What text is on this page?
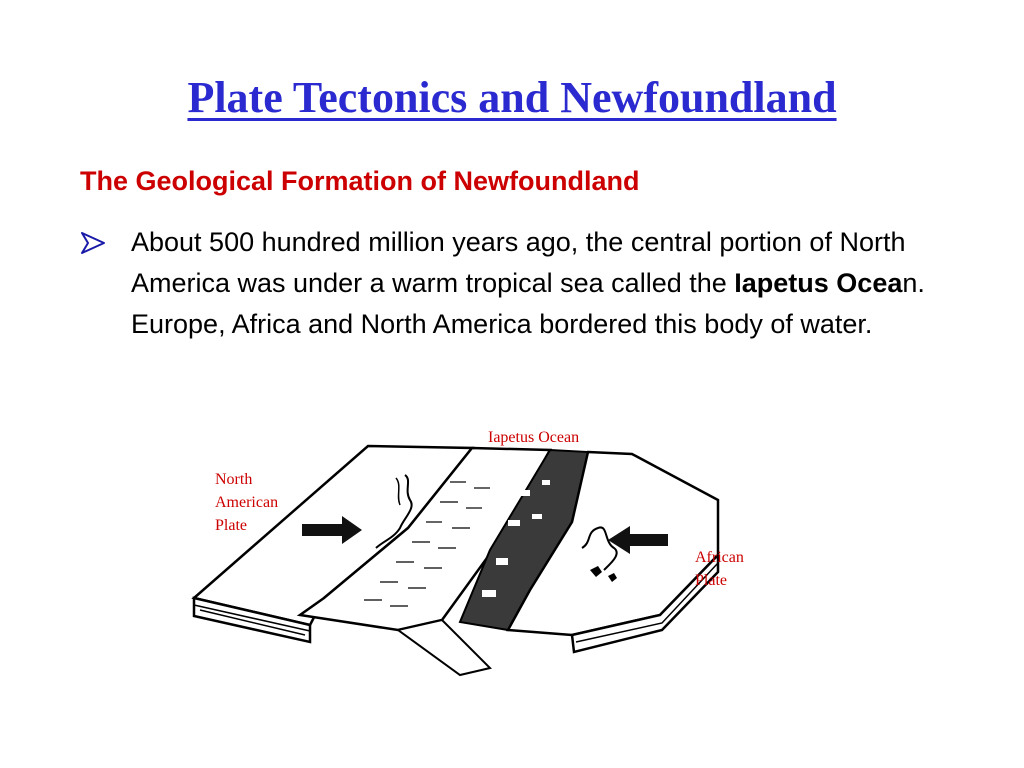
Plate Tectonics and Newfoundland
The Geological Formation of Newfoundland

About 500 hundred million years ago, the central portion of North America was under a warm tropical sea called the Iapetus Ocean. Europe, Africa and North America bordered this body of water.

Iapetus Ocean
North
American
Plate
African
Plate
